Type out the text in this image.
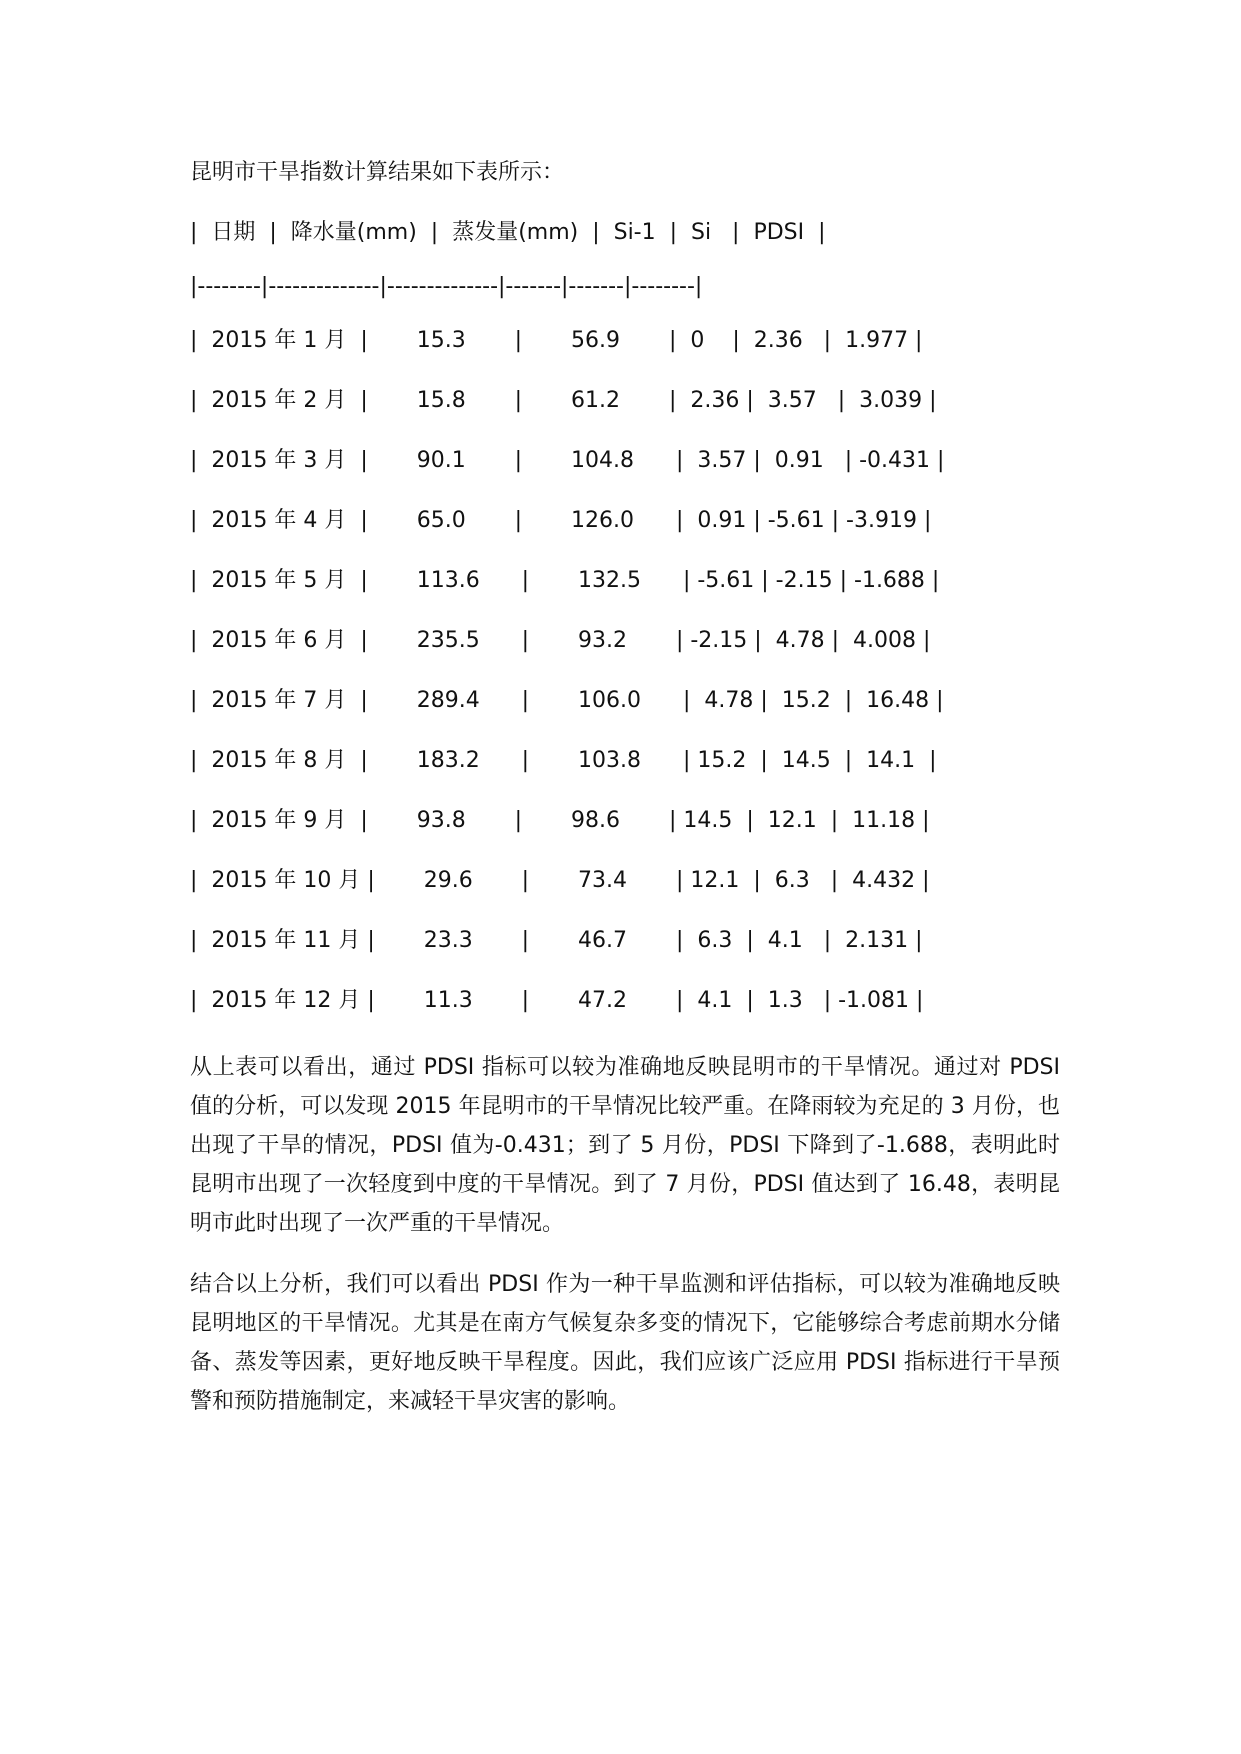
昆明市干旱指数计算结果如下表所示：
|  日期  |  降水量(mm)  |  蒸发量(mm)  |  Si-1  |  Si   |  PDSI  |
|--------|--------------|--------------|-------|-------|--------|
|  2015 年 1 月  |       15.3       |       56.9       |  0    |  2.36   |  1.977 |
|  2015 年 2 月  |       15.8       |       61.2       |  2.36 |  3.57   |  3.039 |
|  2015 年 3 月  |       90.1       |       104.8      |  3.57 |  0.91   | -0.431 |
|  2015 年 4 月  |       65.0       |       126.0      |  0.91 | -5.61 | -3.919 |
|  2015 年 5 月  |       113.6      |       132.5      | -5.61 | -2.15 | -1.688 |
|  2015 年 6 月  |       235.5      |       93.2       | -2.15 |  4.78 |  4.008 |
|  2015 年 7 月  |       289.4      |       106.0      |  4.78 |  15.2  |  16.48 |
|  2015 年 8 月  |       183.2      |       103.8      | 15.2  |  14.5  |  14.1  |
|  2015 年 9 月  |       93.8       |       98.6       | 14.5  |  12.1  |  11.18 |
|  2015 年 10 月 |       29.6       |       73.4       | 12.1  |  6.3   |  4.432 |
|  2015 年 11 月 |       23.3       |       46.7       |  6.3  |  4.1   |  2.131 |
|  2015 年 12 月 |       11.3       |       47.2       |  4.1  |  1.3   | -1.081 |
从上表可以看出，通过 PDSI 指标可以较为准确地反映昆明市的干旱情况。通过对 PDSI 值的分析，可以发现 2015 年昆明市的干旱情况比较严重。在降雨较为充足的 3 月份，也出现了干旱的情况，PDSI 值为-0.431；到了 5 月份，PDSI 下降到了-1.688，表明此时昆明市出现了一次轻度到中度的干旱情况。到了 7 月份，PDSI 值达到了 16.48，表明昆明市此时出现了一次严重的干旱情况。
结合以上分析，我们可以看出 PDSI 作为一种干旱监测和评估指标，可以较为准确地反映昆明地区的干旱情况。尤其是在南方气候复杂多变的情况下，它能够综合考虑前期水分储备、蒸发等因素，更好地反映干旱程度。因此，我们应该广泛应用 PDSI 指标进行干旱预警和预防措施制定，来减轻干旱灾害的影响。
